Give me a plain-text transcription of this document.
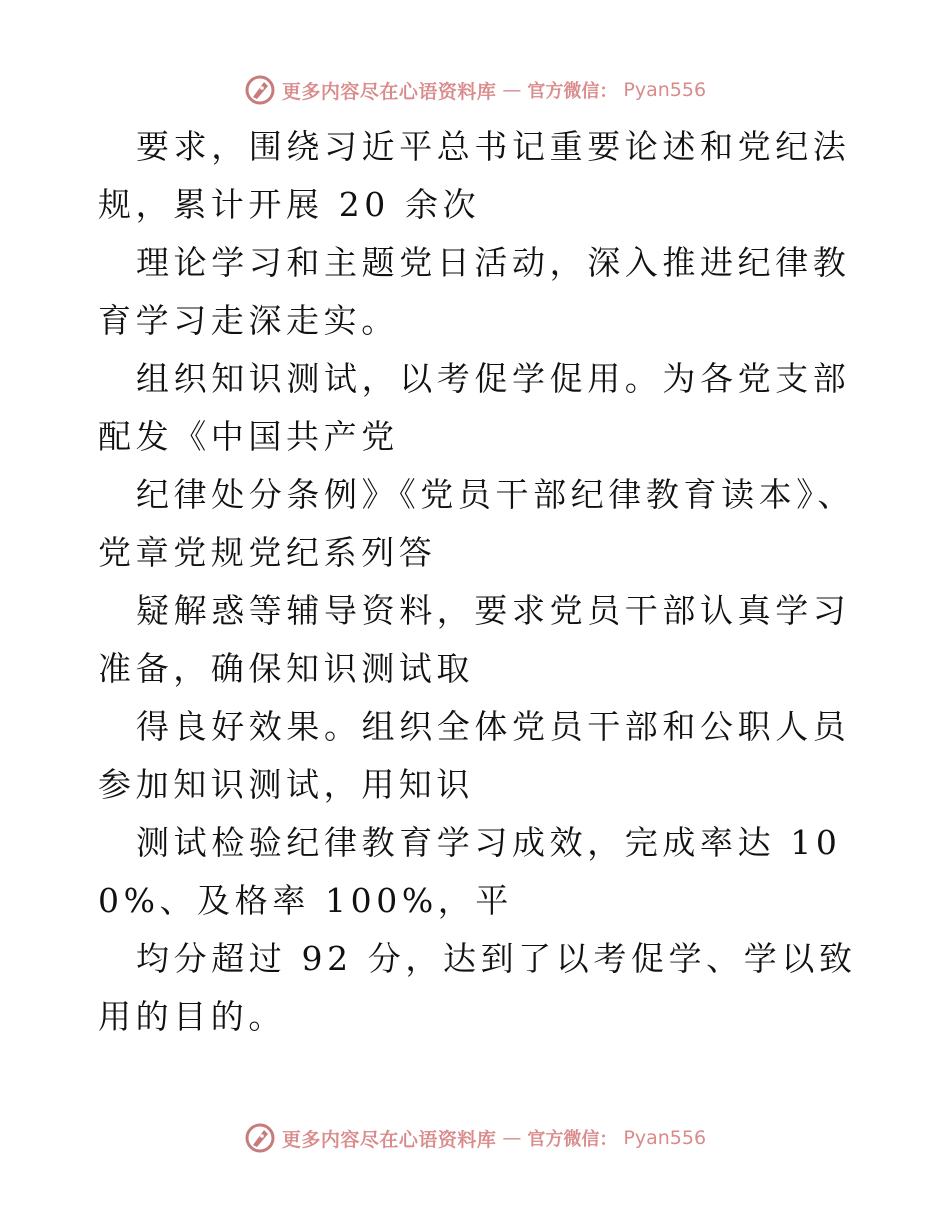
更多内容尽在心语资料库 — 官方微信： Pyan556

要求，围绕习近平总书记重要论述和党纪法规，累计开展 20 余次

理论学习和主题党日活动，深入推进纪律教育学习走深走实。

组织知识测试，以考促学促用。为各党支部配发《中国共产党

纪律处分条例》《党员干部纪律教育读本》、党章党规党纪系列答

疑解惑等辅导资料，要求党员干部认真学习准备，确保知识测试取

得良好效果。组织全体党员干部和公职人员参加知识测试，用知识

测试检验纪律教育学习成效，完成率达 100%、及格率 100%，平

均分超过 92 分，达到了以考促学、学以致用的目的。

更多内容尽在心语资料库 — 官方微信： Pyan556
